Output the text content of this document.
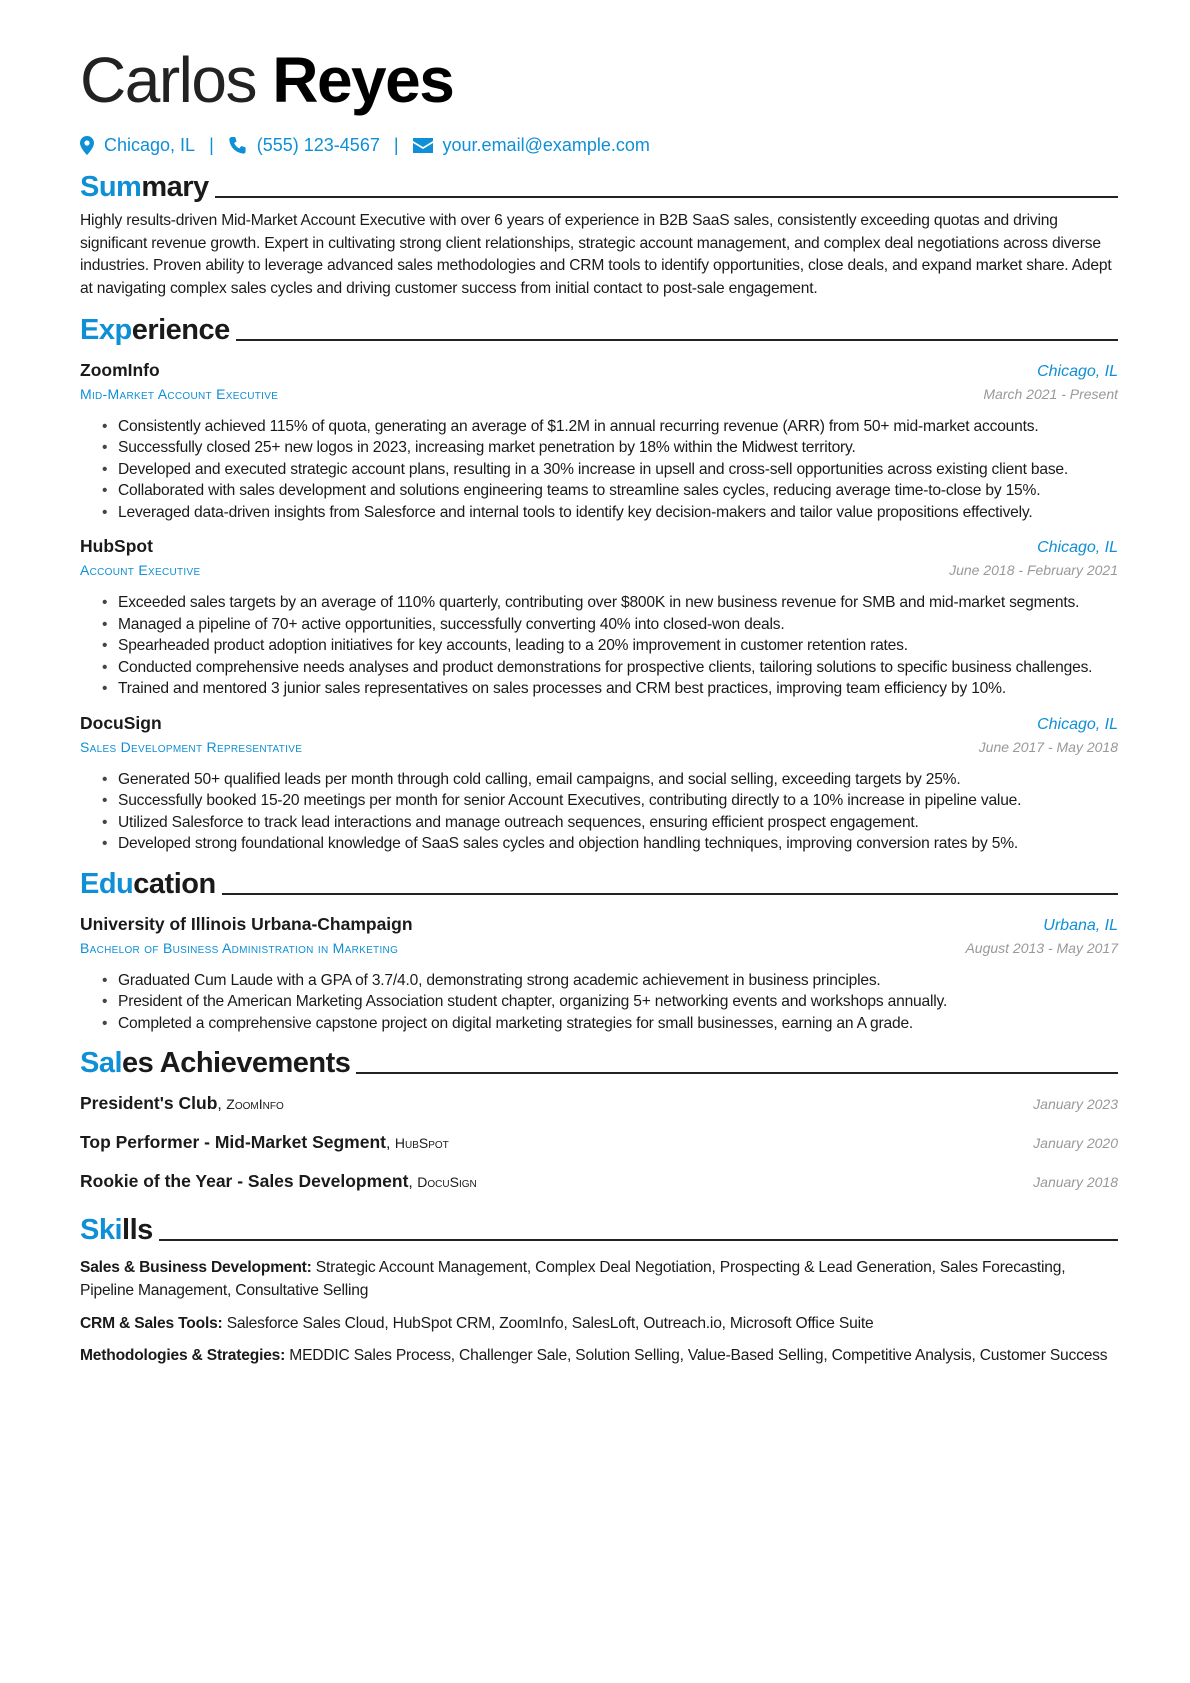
Carlos Reyes
Chicago, IL | (555) 123-4567 | your.email@example.com
Summary

Highly results-driven Mid-Market Account Executive with over 6 years of experience in B2B SaaS sales, consistently exceeding quotas and driving significant revenue growth. Expert in cultivating strong client relationships, strategic account management, and complex deal negotiations across diverse industries. Proven ability to leverage advanced sales methodologies and CRM tools to identify opportunities, close deals, and expand market share. Adept at navigating complex sales cycles and driving customer success from initial contact to post-sale engagement.

Experience
ZoomInfo	Chicago, IL
Mid-Market Account Executive	March 2021 - Present
• Consistently achieved 115% of quota, generating an average of $1.2M in annual recurring revenue (ARR) from 50+ mid-market accounts.
• Successfully closed 25+ new logos in 2023, increasing market penetration by 18% within the Midwest territory.
• Developed and executed strategic account plans, resulting in a 30% increase in upsell and cross-sell opportunities across existing client base.
• Collaborated with sales development and solutions engineering teams to streamline sales cycles, reducing average time-to-close by 15%.
• Leveraged data-driven insights from Salesforce and internal tools to identify key decision-makers and tailor value propositions effectively.
HubSpot	Chicago, IL
Account Executive	June 2018 - February 2021
• Exceeded sales targets by an average of 110% quarterly, contributing over $800K in new business revenue for SMB and mid-market segments.
• Managed a pipeline of 70+ active opportunities, successfully converting 40% into closed-won deals.
• Spearheaded product adoption initiatives for key accounts, leading to a 20% improvement in customer retention rates.
• Conducted comprehensive needs analyses and product demonstrations for prospective clients, tailoring solutions to specific business challenges.
• Trained and mentored 3 junior sales representatives on sales processes and CRM best practices, improving team efficiency by 10%.
DocuSign	Chicago, IL
Sales Development Representative	June 2017 - May 2018
• Generated 50+ qualified leads per month through cold calling, email campaigns, and social selling, exceeding targets by 25%.
• Successfully booked 15-20 meetings per month for senior Account Executives, contributing directly to a 10% increase in pipeline value.
• Utilized Salesforce to track lead interactions and manage outreach sequences, ensuring efficient prospect engagement.
• Developed strong foundational knowledge of SaaS sales cycles and objection handling techniques, improving conversion rates by 5%.
Education
University of Illinois Urbana-Champaign	Urbana, IL
Bachelor of Business Administration in Marketing	August 2013 - May 2017
• Graduated Cum Laude with a GPA of 3.7/4.0, demonstrating strong academic achievement in business principles.
• President of the American Marketing Association student chapter, organizing 5+ networking events and workshops annually.
• Completed a comprehensive capstone project on digital marketing strategies for small businesses, earning an A grade.
Sales Achievements
President's Club, ZoomInfo	January 2023
Top Performer - Mid-Market Segment, HubSpot	January 2020
Rookie of the Year - Sales Development, DocuSign	January 2018
Skills
Sales & Business Development: Strategic Account Management, Complex Deal Negotiation, Prospecting & Lead Generation, Sales Forecasting, Pipeline Management, Consultative Selling
CRM & Sales Tools: Salesforce Sales Cloud, HubSpot CRM, ZoomInfo, SalesLoft, Outreach.io, Microsoft Office Suite
Methodologies & Strategies: MEDDIC Sales Process, Challenger Sale, Solution Selling, Value-Based Selling, Competitive Analysis, Customer Success
